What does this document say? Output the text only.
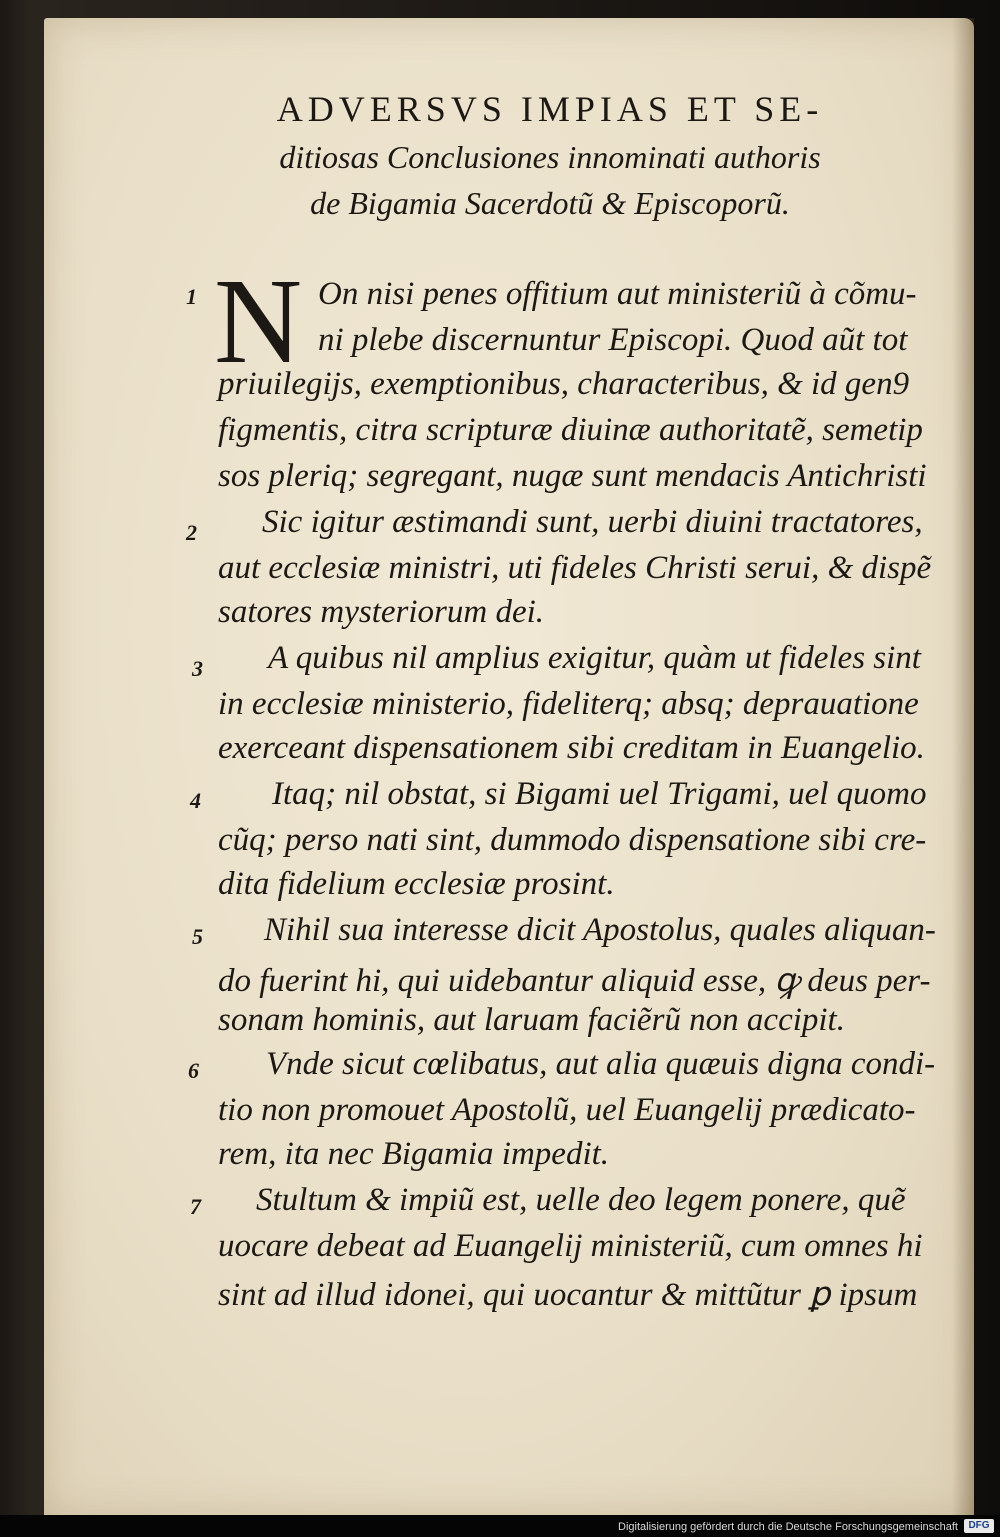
ADVERSVS IMPIAS ET SE-
ditiosas Conclusiones innominati authoris
de Bigamia Sacerdotũ & Episcoporũ.
1
2
3
4
5
6
7
N On nisi penes offitium aut ministeriũ à cõmu-
ni plebe discernuntur Episcopi. Quod aũt tot
priuilegijs, exemptionibus, characteribus, & id gen9
figmentis, citra scripturæ diuinæ authoritatẽ, semetip
sos pleriq; segregant, nugæ sunt mendacis Antichristi
Sic igitur æstimandi sunt, uerbi diuini tractatores,
aut ecclesiæ ministri, uti fideles Christi serui, & dispẽ
satores mysteriorum dei.
A quibus nil amplius exigitur, quàm ut fideles sint
in ecclesiæ ministerio, fideliterq; absq; deprauatione
exerceant dispensationem sibi creditam in Euangelio.
Itaq; nil obstat, si Bigami uel Trigami, uel quomo
cũq; perso nati sint, dummodo dispensatione sibi cre-
dita fidelium ecclesiæ prosint.
Nihil sua interesse dicit Apostolus, quales aliquan-
do fuerint hi, qui uidebantur aliquid esse, ꝙ deus per-
sonam hominis, aut laruam faciẽrũ non accipit.
Vnde sicut cœlibatus, aut alia quæuis digna condi-
tio non promouet Apostolũ, uel Euangelij prædicato-
rem, ita nec Bigamia impedit.
Stultum & impiũ est, uelle deo legem ponere, quẽ
uocare debeat ad Euangelij ministeriũ, cum omnes hi
sint ad illud idonei, qui uocantur & mittũtur ꝑ ipsum
Digitalisierung gefördert durch die Deutsche Forschungsgemeinschaft	DFG
